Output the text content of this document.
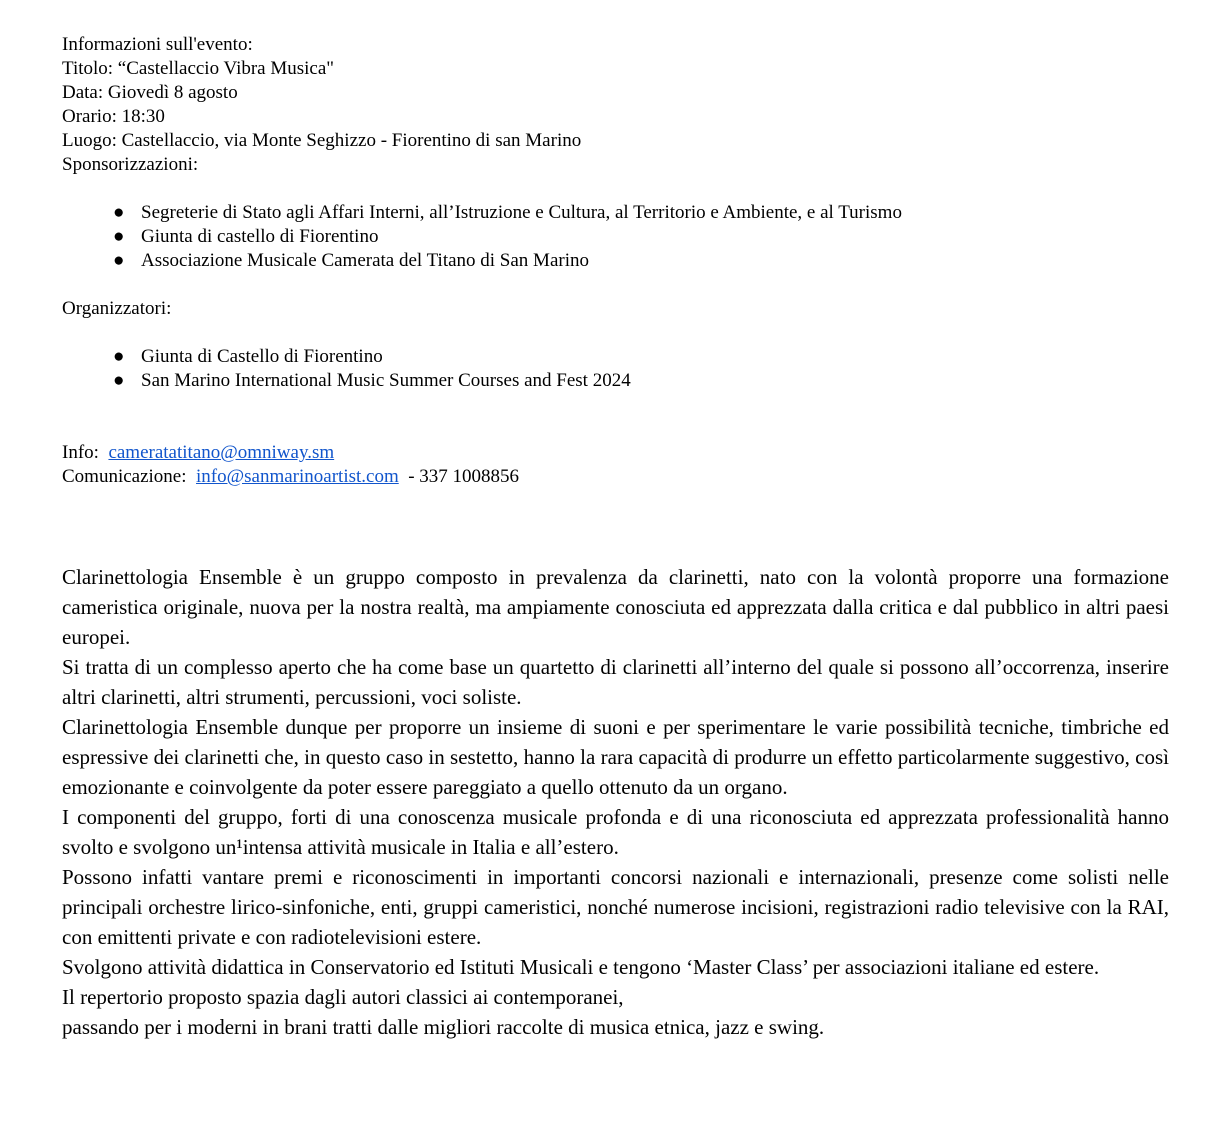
Informazioni sull'evento:
Titolo: “Castellaccio Vibra Musica"
Data: Giovedì 8 agosto
Orario: 18:30
Luogo: Castellaccio, via Monte Seghizzo - Fiorentino di san Marino
Sponsorizzazioni:
● Segreterie di Stato agli Affari Interni, all’Istruzione e Cultura, al Territorio e Ambiente, e al Turismo
● Giunta di castello di Fiorentino
● Associazione Musicale Camerata del Titano di San Marino
Organizzatori:
● Giunta di Castello di Fiorentino
● San Marino International Music Summer Courses and Fest 2024
Info: cameratatitano@omniway.sm
Comunicazione: info@sanmarinoartist.com - 337 1008856

Clarinettologia Ensemble è un gruppo composto in prevalenza da clarinetti, nato con la volontà proporre una formazione cameristica originale, nuova per la nostra realtà, ma ampiamente conosciuta ed apprezzata dalla critica e dal pubblico in altri paesi europei.

Si tratta di un complesso aperto che ha come base un quartetto di clarinetti all’interno del quale si possono all’occorrenza, inserire altri clarinetti, altri strumenti, percussioni, voci soliste.

Clarinettologia Ensemble dunque per proporre un insieme di suoni e per sperimentare le varie possibilità tecniche, timbriche ed espressive dei clarinetti che, in questo caso in sestetto, hanno la rara capacità di produrre un effetto particolarmente suggestivo, così emozionante e coinvolgente da poter essere pareggiato a quello ottenuto da un organo.

I componenti del gruppo, forti di una conoscenza musicale profonda e di una riconosciuta ed apprezzata professionalità hanno svolto e svolgono un¹intensa attività musicale in Italia e all’estero.

Possono infatti vantare premi e riconoscimenti in importanti concorsi nazionali e internazionali, presenze come solisti nelle principali orchestre lirico-sinfoniche, enti, gruppi cameristici, nonché numerose incisioni, registrazioni radio televisive con la RAI, con emittenti private e con radiotelevisioni estere.

Svolgono attività didattica in Conservatorio ed Istituti Musicali e tengono ‘Master Class’ per associazioni italiane ed estere.

Il repertorio proposto spazia dagli autori classici ai contemporanei,

passando per i moderni in brani tratti dalle migliori raccolte di musica etnica, jazz e swing.
